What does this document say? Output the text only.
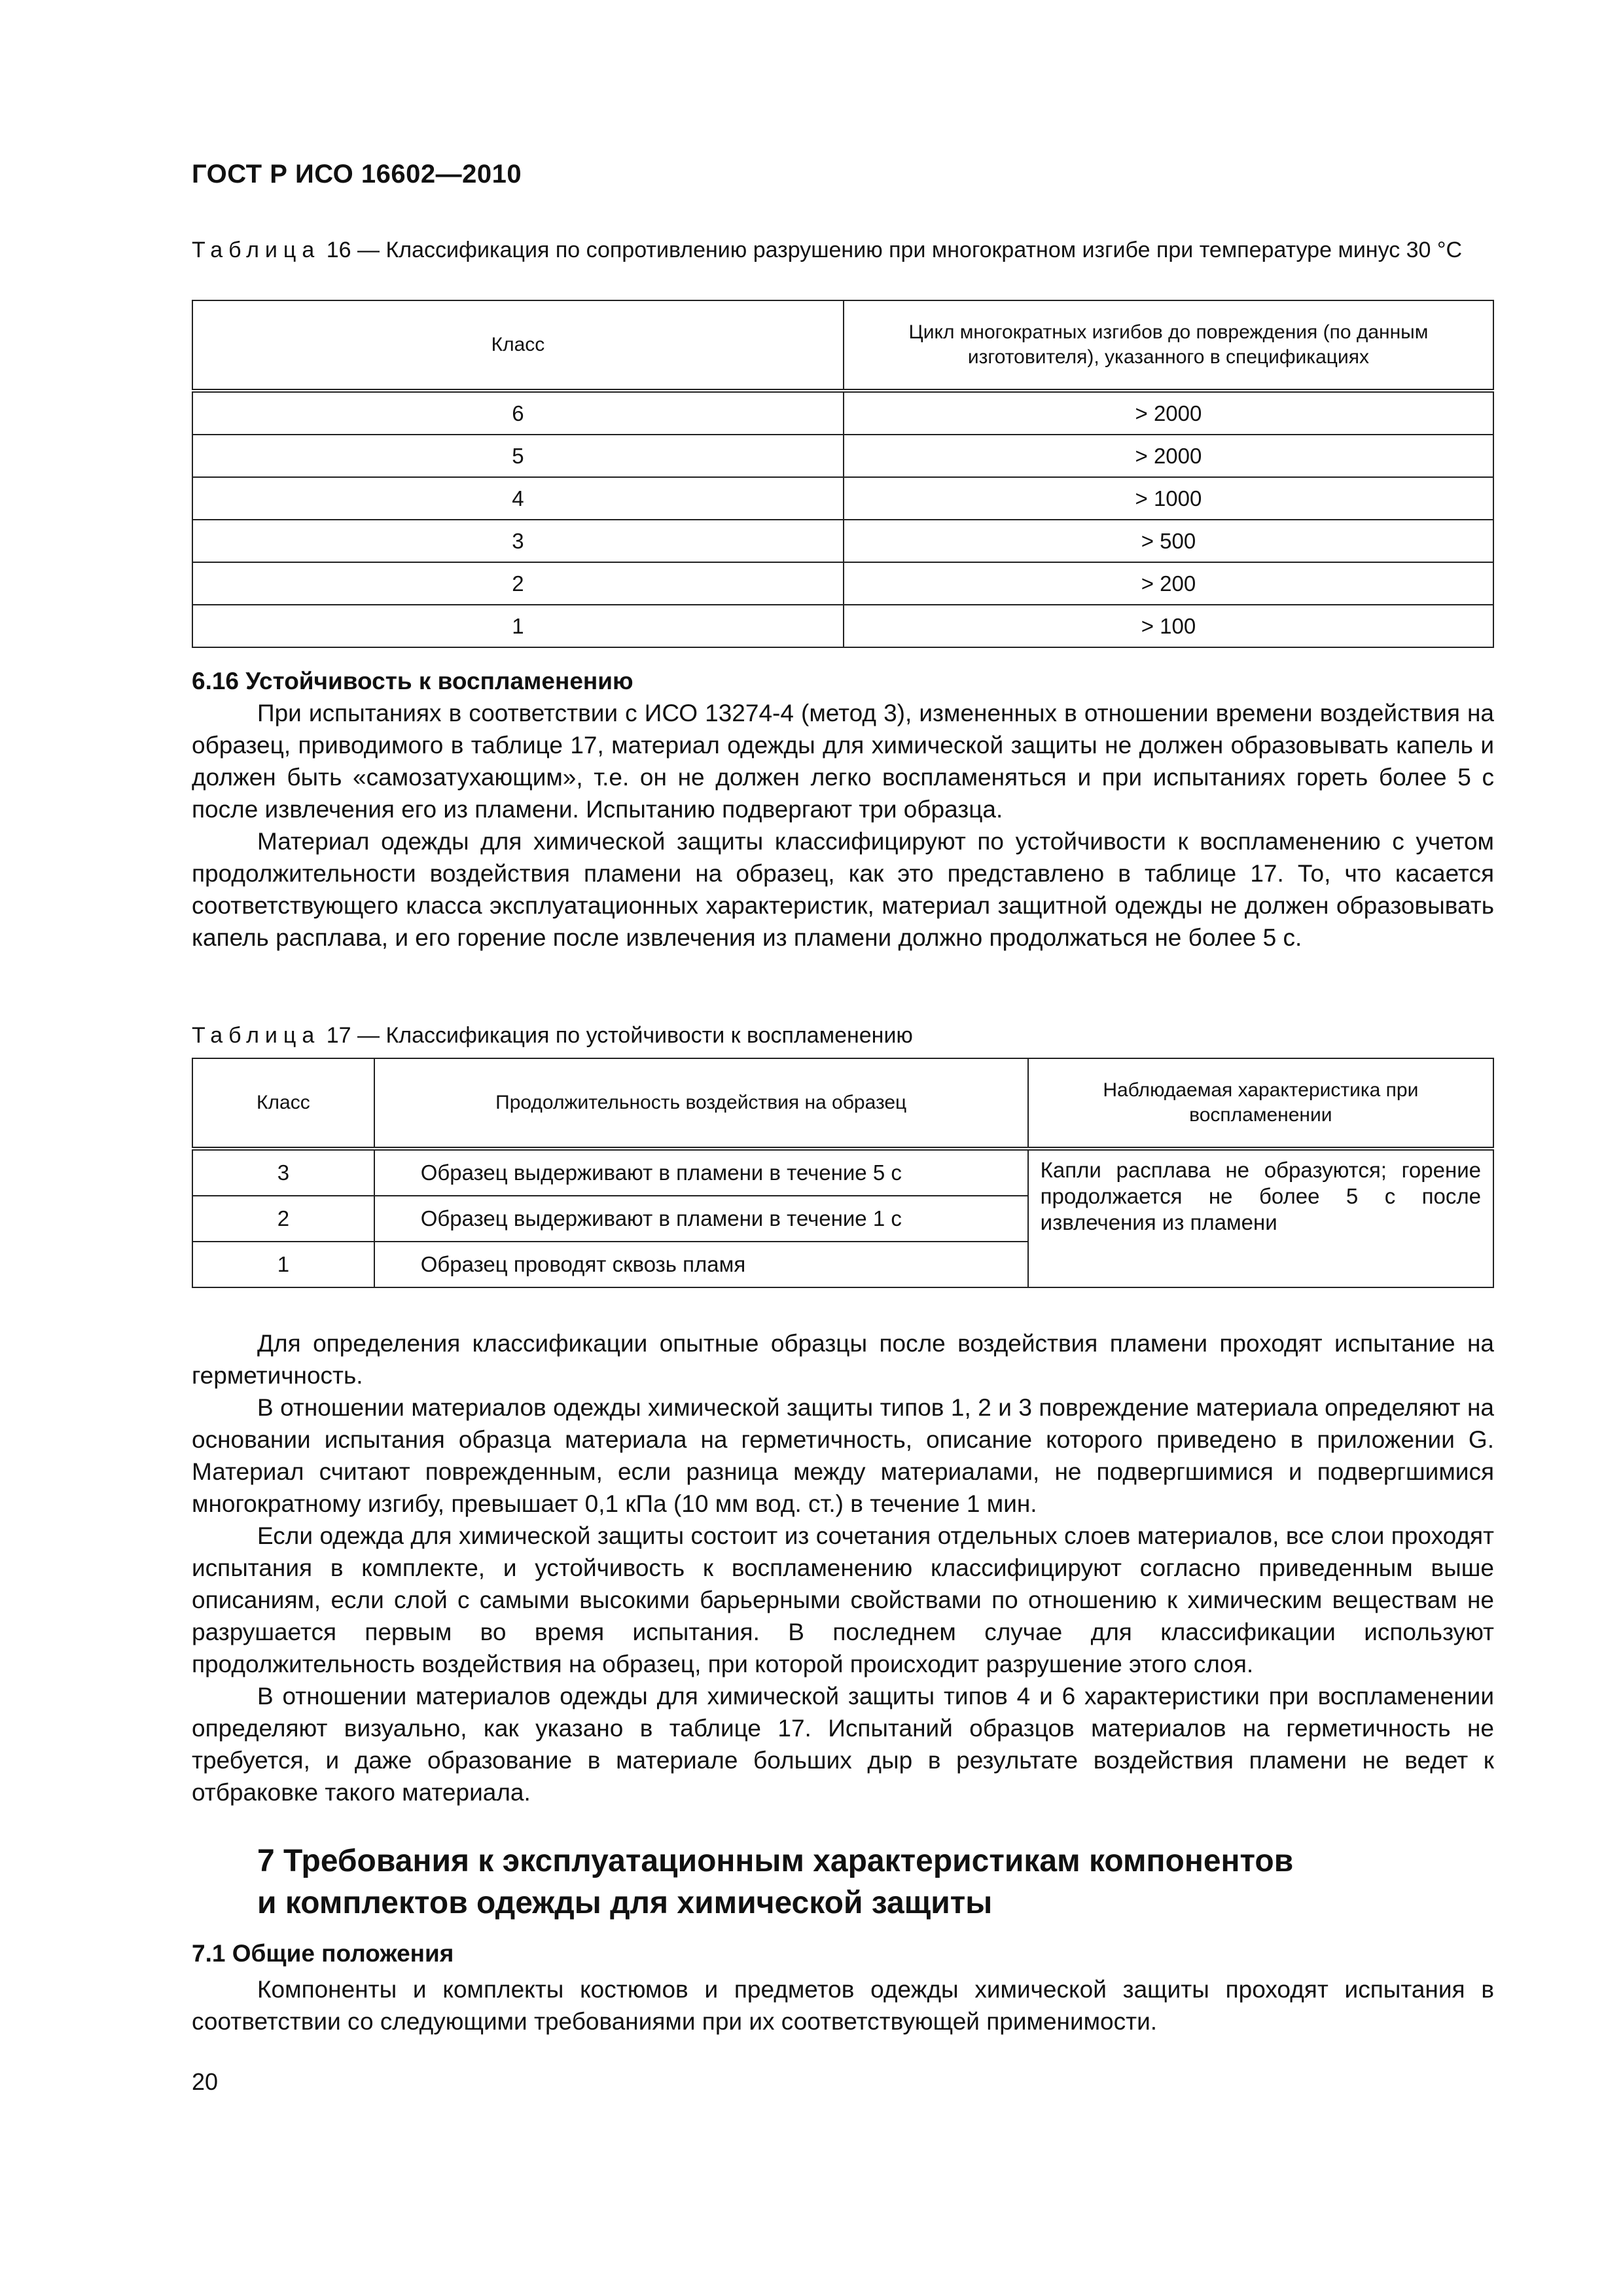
ГОСТ Р ИСО 16602—2010
Таблица 16 — Классификация по сопротивлению разрушению при многократном изгибе при температуре минус 30 °С
Класс	Цикл многократных изгибов до повреждения (по данным изготовителя), указанного в спецификациях
6	> 2000
5	> 2000
4	> 1000
3	> 500
2	> 200
1	> 100

6.16 Устойчивость к воспламенению

При испытаниях в соответствии с ИСО 13274-4 (метод 3), измененных в отношении времени воздействия на образец, приводимого в таблице 17, материал одежды для химической защиты не должен образовывать капель и должен быть «самозатухающим», т.е. он не должен легко воспламеняться и при испытаниях гореть более 5 с после извлечения его из пламени. Испытанию подвергают три образца.

Материал одежды для химической защиты классифицируют по устойчивости к воспламенению с учетом продолжительности воздействия пламени на образец, как это представлено в таблице 17. То, что касается соответствующего класса эксплуатационных характеристик, материал защитной одежды не должен образовывать капель расплава, и его горение после извлечения из пламени должно продолжаться не более 5 с.

Таблица 17 — Классификация по устойчивости к воспламенению
Класс	Продолжительность воздействия на образец	Наблюдаемая характеристика при воспламенении
3	Образец выдерживают в пламени в течение 5 с	Капли расплава не образуются; горение продолжается не более 5 с после извлечения из пламени
2	Образец выдерживают в пламени в течение 1 с	
1	Образец проводят сквозь пламя	

Для определения классификации опытные образцы после воздействия пламени проходят испытание на герметичность.

В отношении материалов одежды химической защиты типов 1, 2 и 3 повреждение материала определяют на основании испытания образца материала на герметичность, описание которого приведено в приложении G. Материал считают поврежденным, если разница между материалами, не подвергшимися и подвергшимися многократному изгибу, превышает 0,1 кПа (10 мм вод. ст.) в течение 1 мин.

Если одежда для химической защиты состоит из сочетания отдельных слоев материалов, все слои проходят испытания в комплекте, и устойчивость к воспламенению классифицируют согласно приведенным выше описаниям, если слой с самыми высокими барьерными свойствами по отношению к химическим веществам не разрушается первым во время испытания. В последнем случае для классификации используют продолжительность воздействия на образец, при которой происходит разрушение этого слоя.

В отношении материалов одежды для химической защиты типов 4 и 6 характеристики при воспламенении определяют визуально, как указано в таблице 17. Испытаний образцов материалов на герметичность не требуется, и даже образование в материале больших дыр в результате воздействия пламени не ведет к отбраковке такого материала.

7 Требования к эксплуатационным характеристикам компонентов
и комплектов одежды для химической защиты

7.1 Общие положения

Компоненты и комплекты костюмов и предметов одежды химической защиты проходят испытания в соответствии со следующими требованиями при их соответствующей применимости.

20
